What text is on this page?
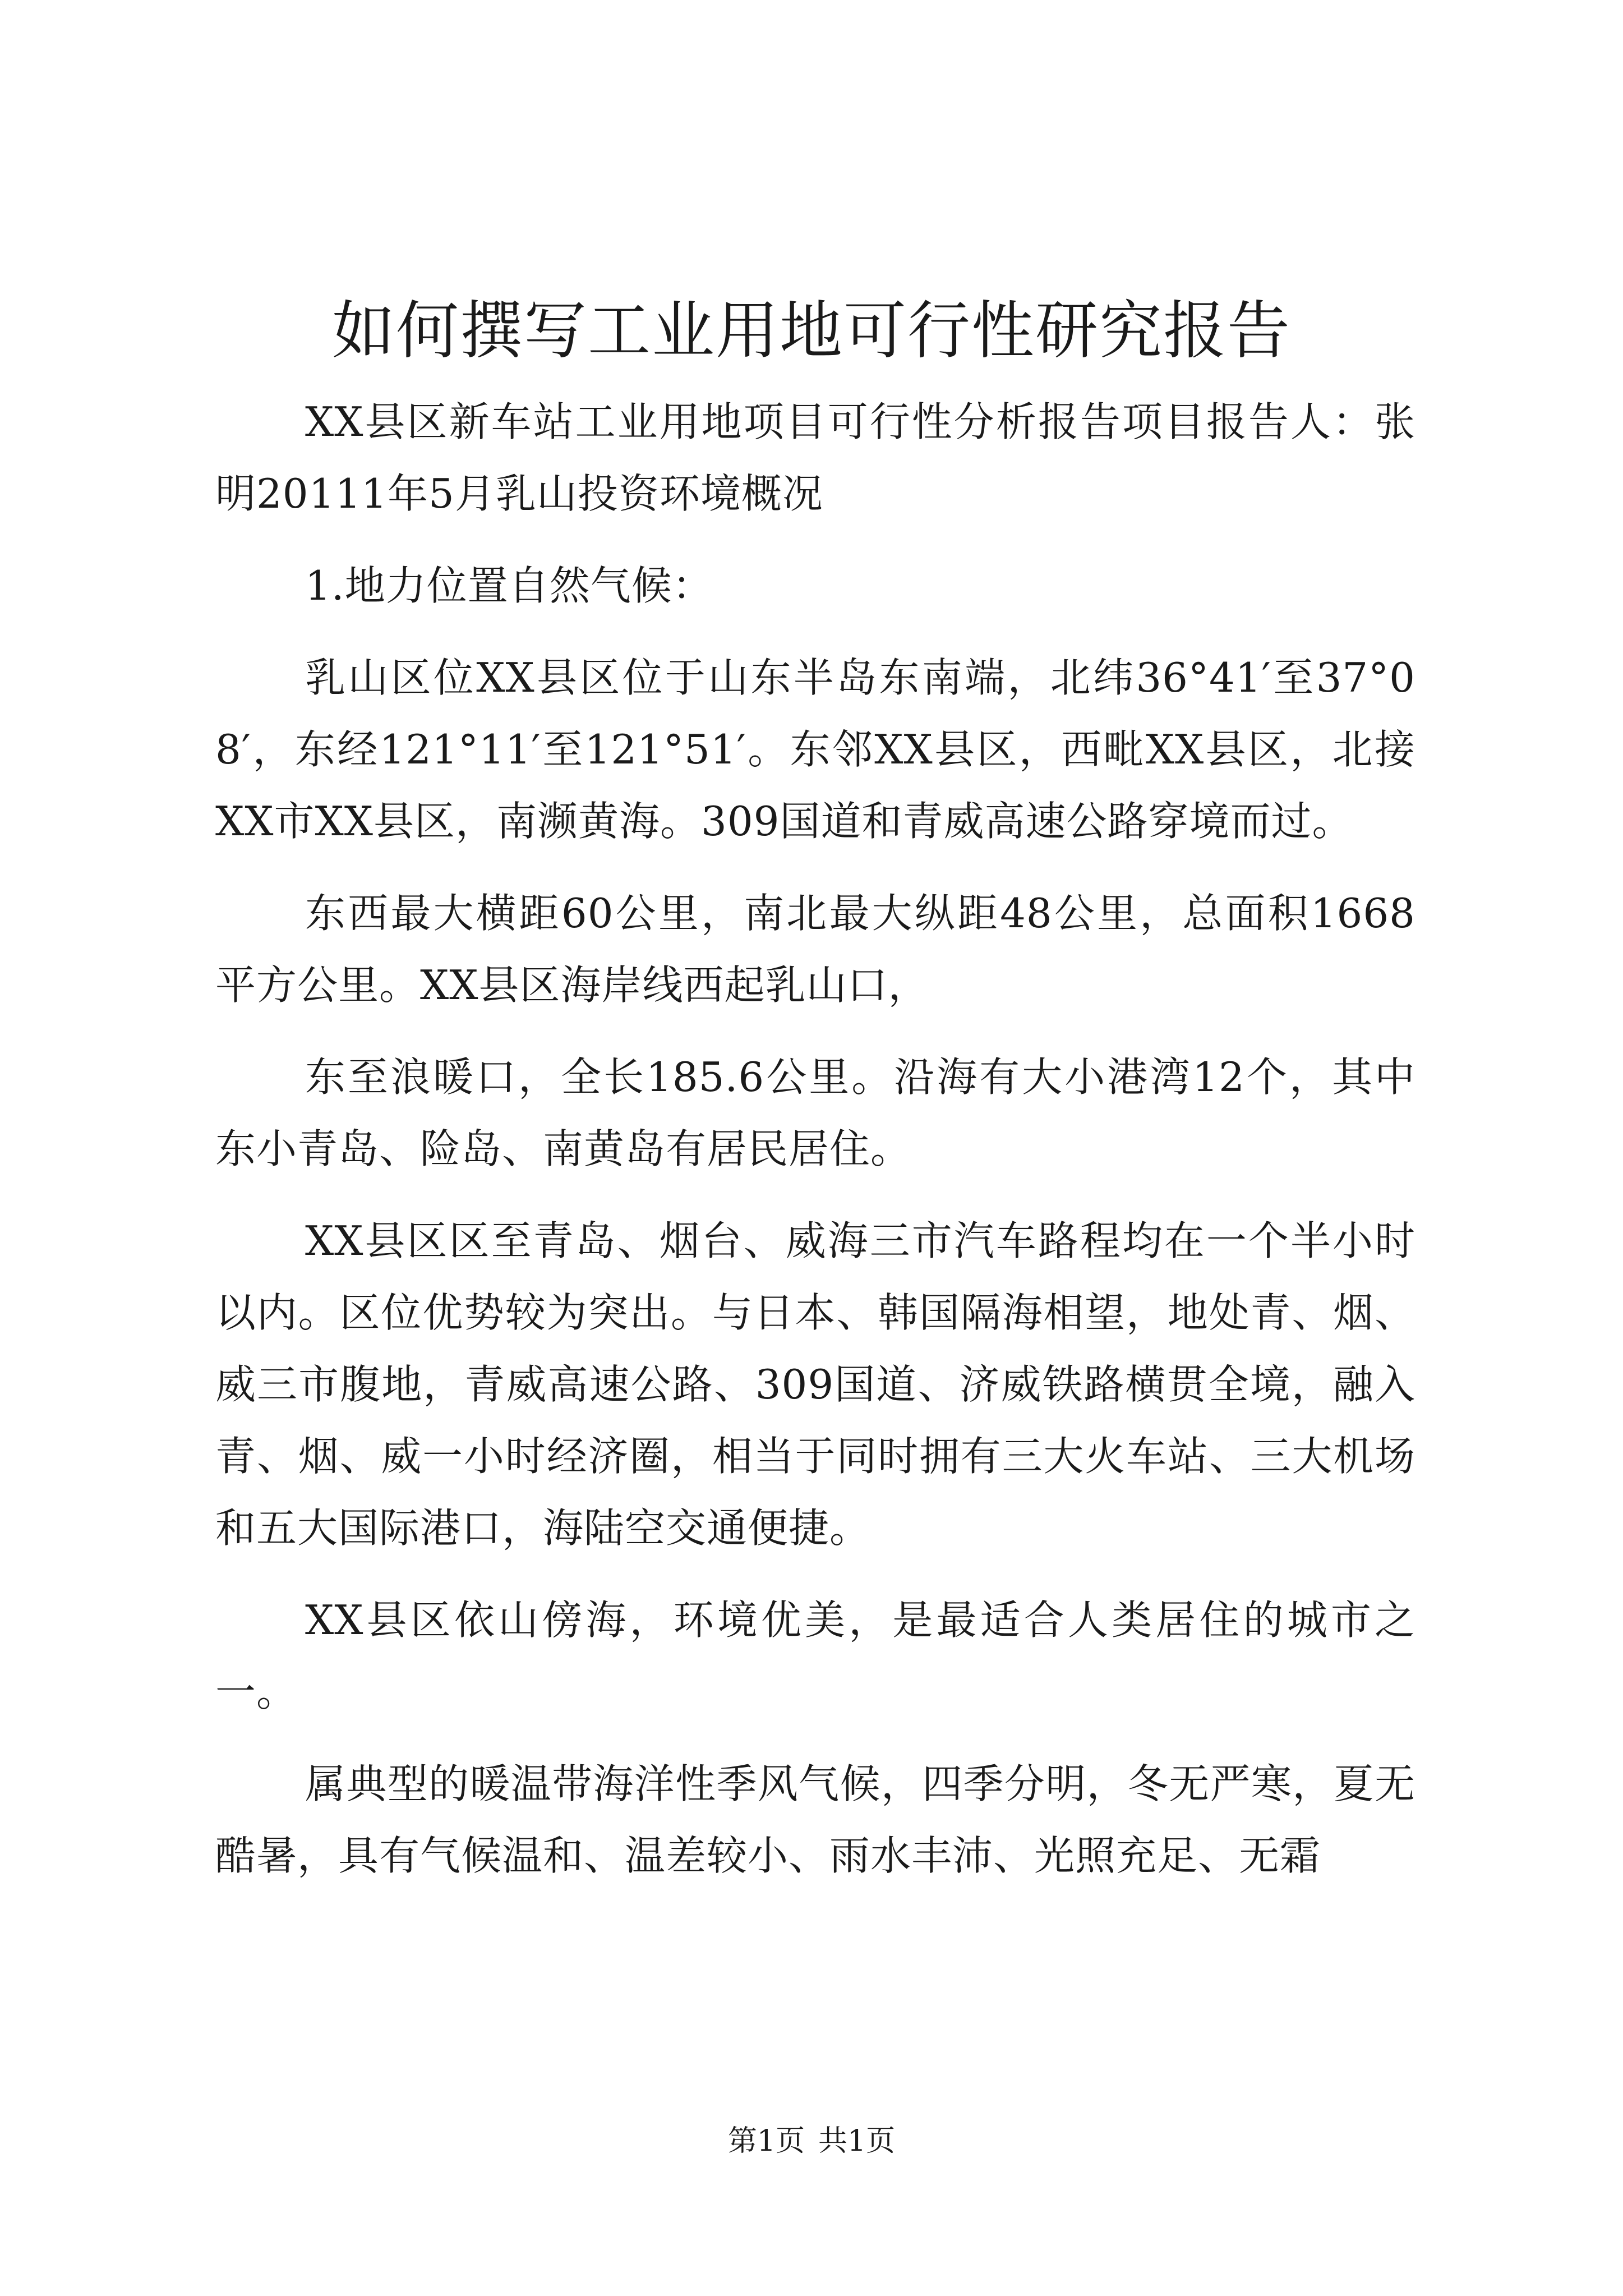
如何撰写工业用地可行性研究报告

XX县区新车站工业用地项目可行性分析报告项目报告人：张明20111年5月乳山投资环境概况

1.地力位置自然气候：

乳山区位XX县区位于山东半岛东南端，北纬36°41′至37°08′，东经121°11′至121°51′。东邻XX县区，西毗XX县区，北接XX市XX县区，南濒黄海。309国道和青威高速公路穿境而过。

东西最大横距60公里，南北最大纵距48公里，总面积1668平方公里。XX县区海岸线西起乳山口，

东至浪暖口，全长185.6公里。沿海有大小港湾12个，其中东小青岛、险岛、南黄岛有居民居住。

XX县区区至青岛、烟台、威海三市汽车路程均在一个半小时以内。区位优势较为突出。与日本、韩国隔海相望，地处青、烟、威三市腹地，青威高速公路、309国道、济威铁路横贯全境，融入青、烟、威一小时经济圈，相当于同时拥有三大火车站、三大机场和五大国际港口，海陆空交通便捷。

XX县区依山傍海，环境优美，是最适合人类居住的城市之一。

属典型的暖温带海洋性季风气候，四季分明，冬无严寒，夏无酷暑，具有气候温和、温差较小、雨水丰沛、光照充足、无霜

第1页 共1页
